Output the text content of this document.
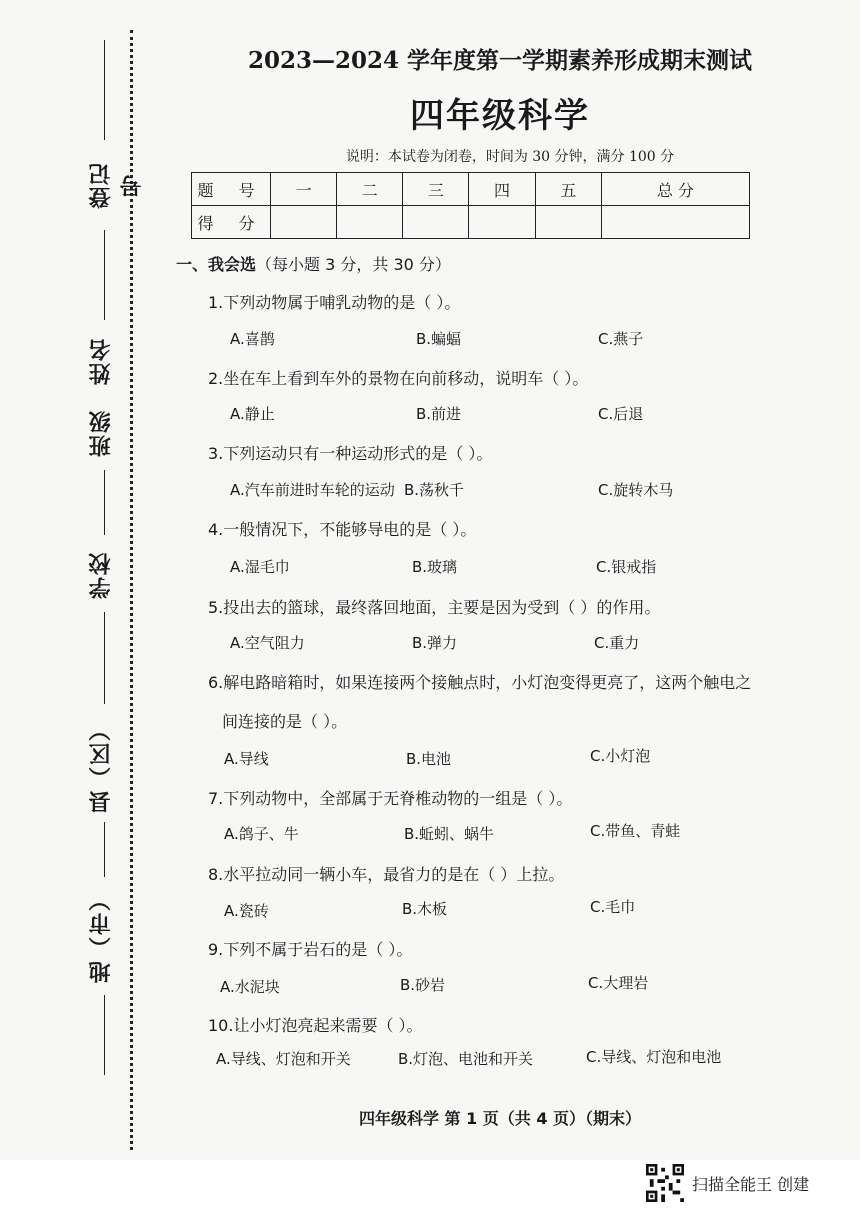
登记号
姓名
班级
学校
县（区）
地（市）
2023—2024 学年度第一学期素养形成期末测试
四年级科学
说明：本试卷为闭卷，时间为 30 分钟，满分 100 分
题 号	一	二	三	四	五	总 分
得 分						
一、我会选（每小题 3 分，共 30 分）
1.下列动物属于哺乳动物的是（ ）。
A.喜鹊	B.蝙蝠	C.燕子
2.坐在车上看到车外的景物在向前移动，说明车（ ）。
A.静止	B.前进	C.后退
3.下列运动只有一种运动形式的是（ ）。
A.汽车前进时车轮的运动 B.荡秋千	C.旋转木马
4.一般情况下，不能够导电的是（ ）。
A.湿毛巾	B.玻璃	C.银戒指
5.投出去的篮球，最终落回地面，主要是因为受到（ ）的作用。
A.空气阻力	B.弹力	C.重力
6.解电路暗箱时，如果连接两个接触点时，小灯泡变得更亮了，这两个触电之
间连接的是（ ）。
A.导线	B.电池	C.小灯泡
7.下列动物中，全部属于无脊椎动物的一组是（ ）。
A.鸽子、牛	B.蚯蚓、蜗牛	C.带鱼、青蛙
8.水平拉动同一辆小车，最省力的是在（ ）上拉。
A.瓷砖	B.木板	C.毛巾
9.下列不属于岩石的是（ ）。
A.水泥块	B.砂岩	C.大理岩
10.让小灯泡亮起来需要（ ）。
A.导线、灯泡和开关	B.灯泡、电池和开关	C.导线、灯泡和电池
四年级科学 第 1 页（共 4 页）（期末）
扫描全能王 创建
